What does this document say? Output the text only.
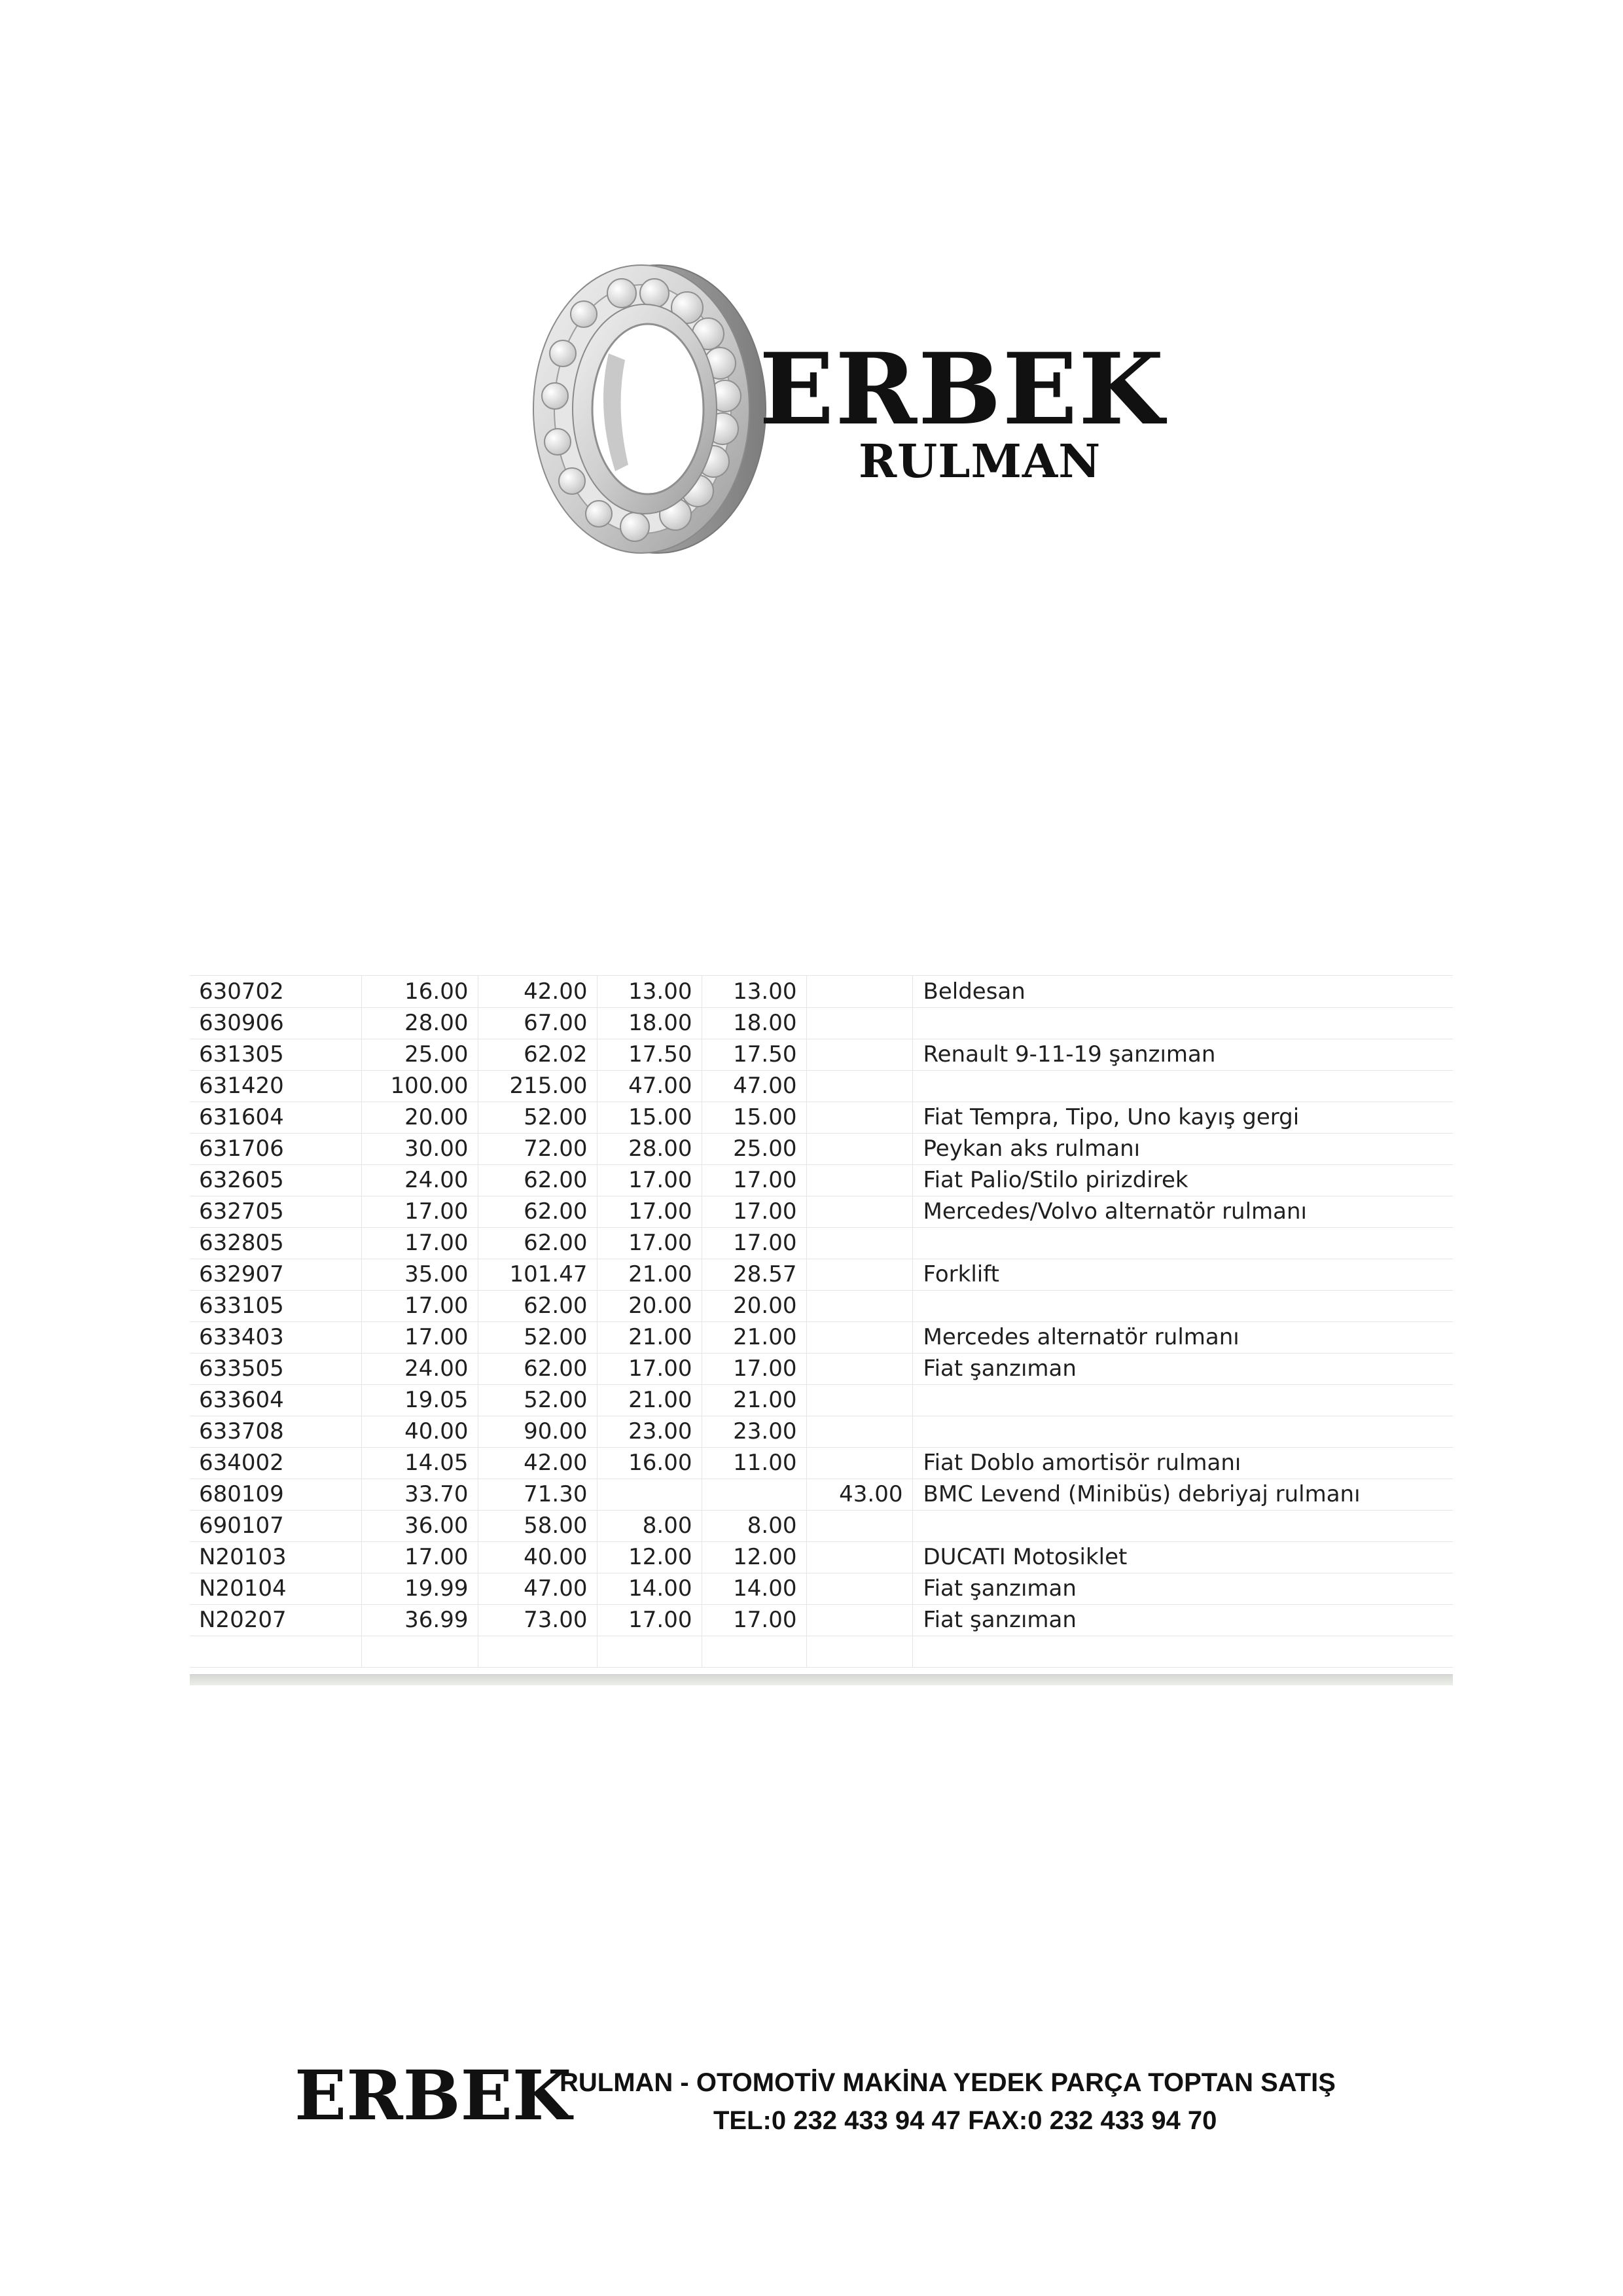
ERBEK
RULMAN
630702	16.00	42.00	13.00	13.00		Beldesan
630906	28.00	67.00	18.00	18.00		
631305	25.00	62.02	17.50	17.50		Renault 9-11-19 şanzıman
631420	100.00	215.00	47.00	47.00		
631604	20.00	52.00	15.00	15.00		Fiat Tempra, Tipo, Uno kayış gergi
631706	30.00	72.00	28.00	25.00		Peykan aks rulmanı
632605	24.00	62.00	17.00	17.00		Fiat Palio/Stilo pirizdirek
632705	17.00	62.00	17.00	17.00		Mercedes/Volvo alternatör rulmanı
632805	17.00	62.00	17.00	17.00		
632907	35.00	101.47	21.00	28.57		Forklift
633105	17.00	62.00	20.00	20.00		
633403	17.00	52.00	21.00	21.00		Mercedes alternatör rulmanı
633505	24.00	62.00	17.00	17.00		Fiat şanzıman
633604	19.05	52.00	21.00	21.00		
633708	40.00	90.00	23.00	23.00		
634002	14.05	42.00	16.00	11.00		Fiat Doblo amortisör rulmanı
680109	33.70	71.30			43.00	BMC Levend (Minibüs) debriyaj rulmanı
690107	36.00	58.00	8.00	8.00		
N20103	17.00	40.00	12.00	12.00		DUCATI Motosiklet
N20104	19.99	47.00	14.00	14.00		Fiat şanzıman
N20207	36.99	73.00	17.00	17.00		Fiat şanzıman

ERBEK
RULMAN - OTOMOTİV MAKİNA YEDEK PARÇA TOPTAN SATIŞ
TEL:0 232 433 94 47 FAX:0 232 433 94 70
